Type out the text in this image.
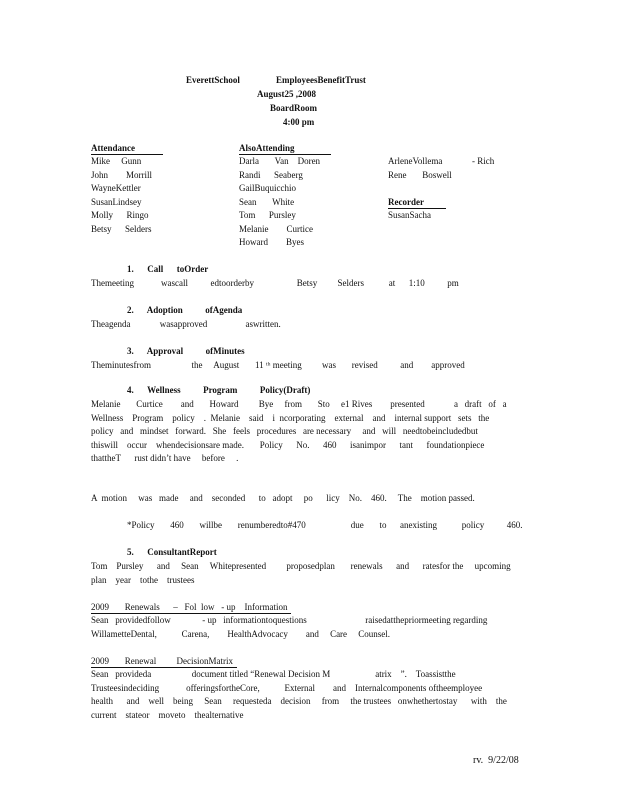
EverettSchool	EmployeesBenefitTrust
August25 ,2008
BoardRoom
4:00 pm
Attendance
Mike     Gunn
John        Morrill
WayneKettler
SusanLindsey
Molly      Ringo
Betsy      Selders
AlsoAttending
Darla       Van    Doren
Randi      Seaberg
GailBuquicchio
Sean       White
Tom      Pursley
Melanie        Curtice
Howard        Byes
ArleneVollema
Rene       Boswell
- Rich
Recorder
SusanSacha
1. Call      toOrder
Themeeting            wascall          edtoorderby                   Betsy         Selders           at      1:10          pm
2. Adoption          ofAgenda
Theagenda             wasapproved                 aswritten.
3. Approval          ofMinutes
Theminutesfrom                  the     August       11 ᵗʰ meeting         was       revised          and        approved
4. Wellness          Program          Policy(Draft)
Melanie       Curtice        and       Howard         Bye     from       Sto     e1 Rives        presented             a   draft   of   a Wellness    Program    policy    .  Melanie    said    i  ncorporating    external    and    internal support   sets   the   policy   and   mindset   forward.   She   feels   procedures   are necessary     and   will   needtobeincludedbut      thiswill    occur    whendecisionsare made.       Policy      No.      460      isanimpor      tant      foundationpiece      thattheT      rust didn’t have     before     .
A  motion     was   made     and    seconded      to   adopt     po      licy    No.    460.     The    motion passed.
*Policy       460       willbe       renumberedto#470                    due       to      anexisting           policy          460.
5. ConsultantReport
Tom    Pursley      and     Sean     Whitepresented         proposedplan       renewals      and      ratesfor the     upcoming     plan    year    tothe    trustees
2009       Renewals      –   Fol  low   - up    Information
Sean   providedfollow              - up   informationtoquestions                          raisedatthepriormeeting regarding          WillametteDental,           Carena,        HealthAdvocacy        and     Care     Counsel.
2009       Renewal         DecisionMatrix
Sean   provideda                  document titled “Renewal Decision M                    atrix    ”.    Toassistthe Trusteesindeciding            offeringsfortheCore,           External        and    Internalcomponents oftheemployee         health      and    well    being     Sean     requesteda    decision     from     the trustees   onwhethertostay      with    the    current    stateor    moveto    thealternative
rv.  9/22/08
